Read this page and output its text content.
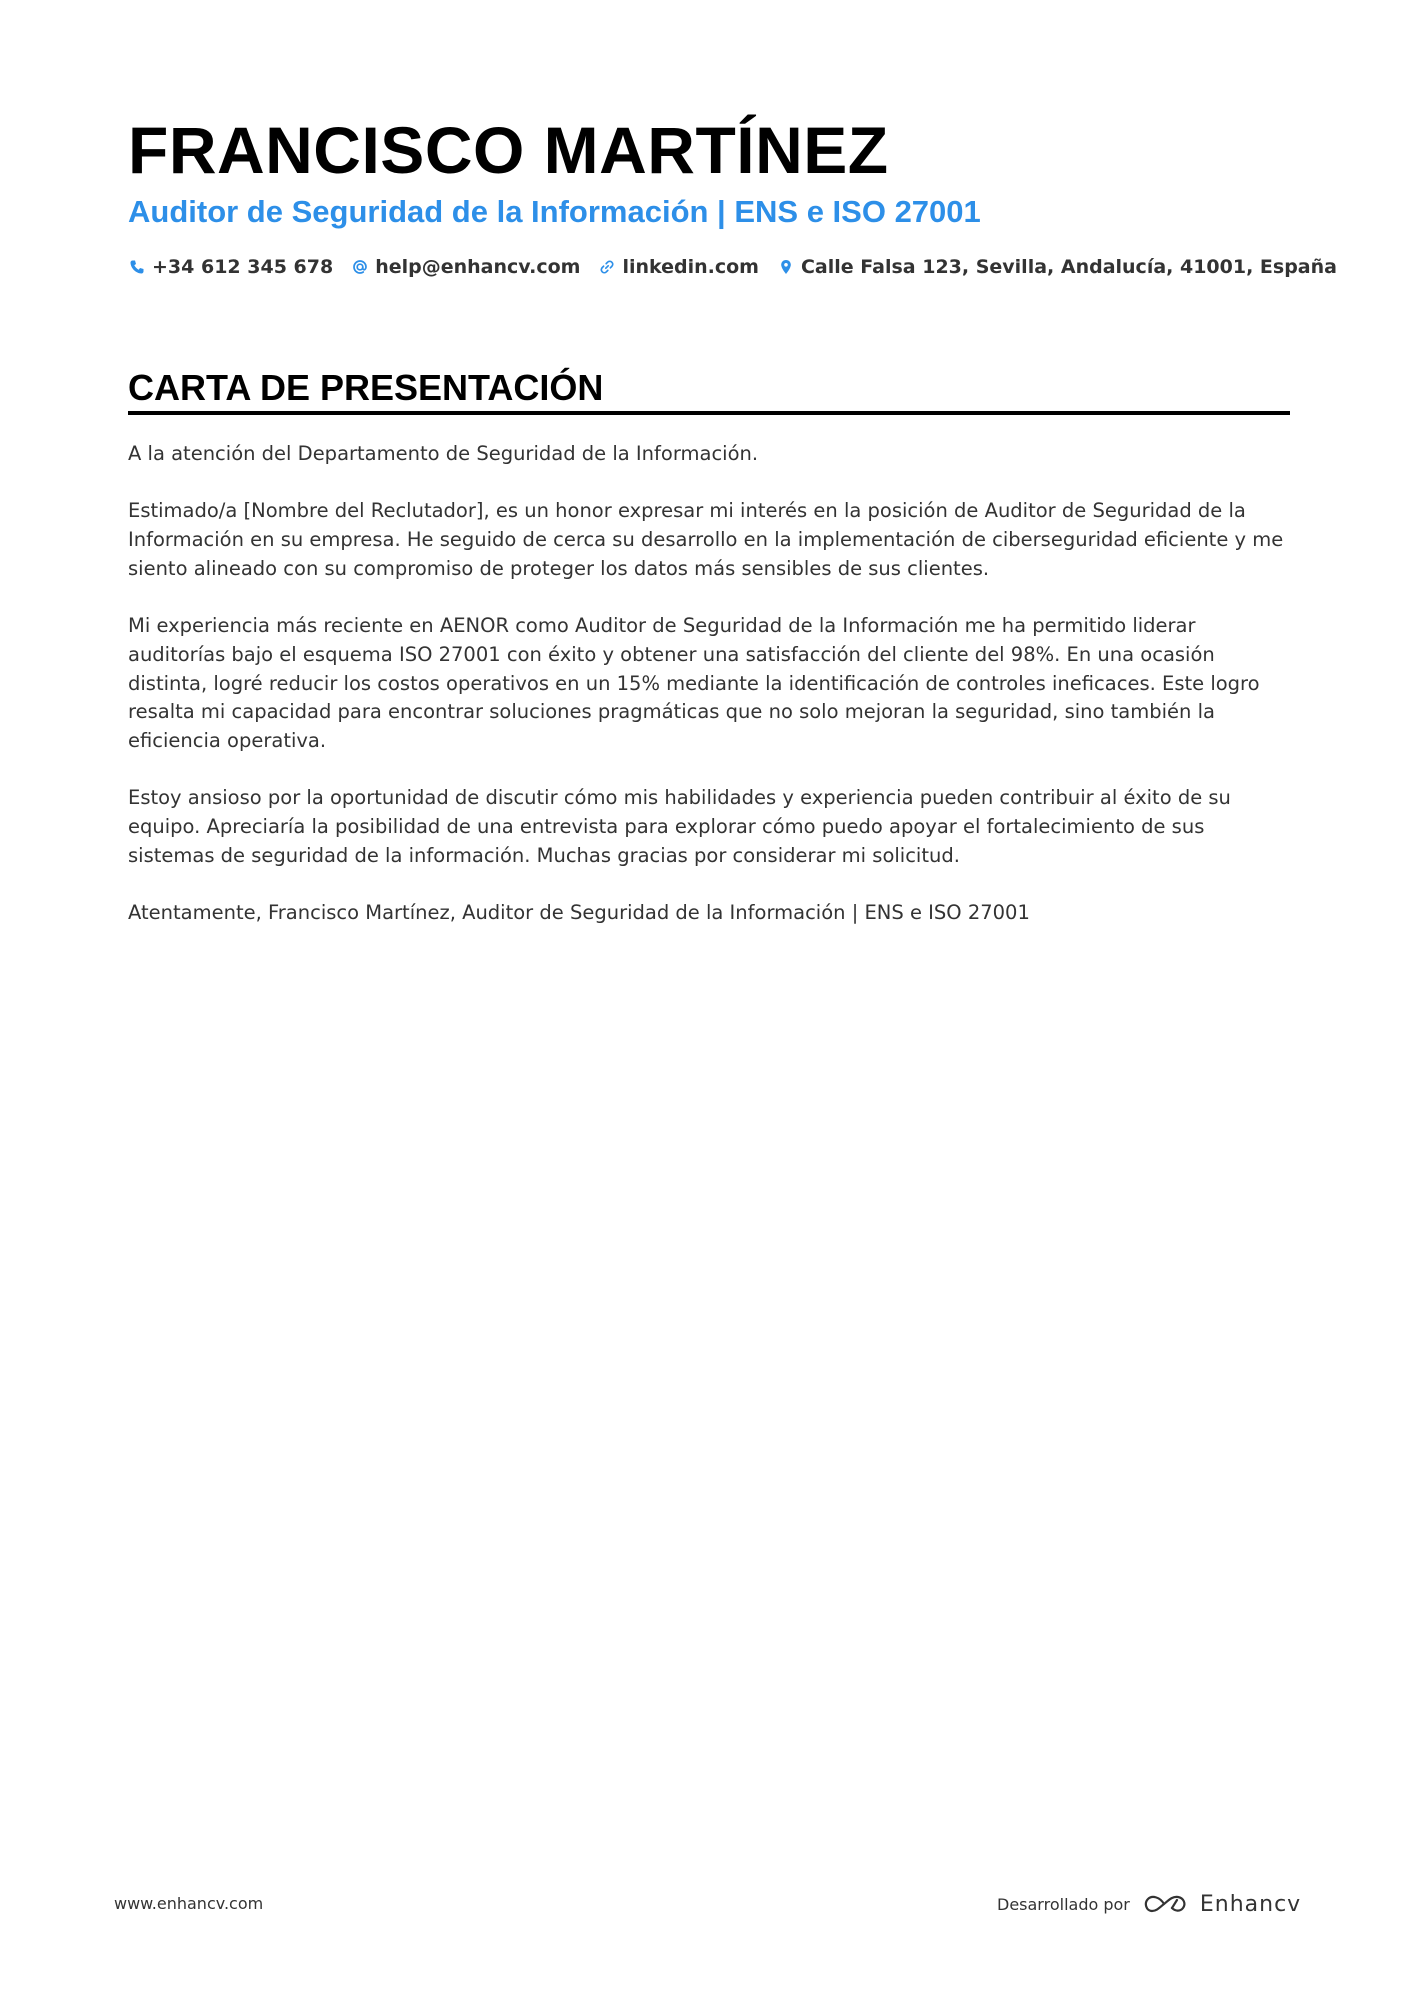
FRANCISCO MARTÍNEZ
Auditor de Seguridad de la Información | ENS e ISO 27001
+34 612 345 678 help@enhancv.com linkedin.com Calle Falsa 123, Sevilla, Andalucía, 41001, España
CARTA DE PRESENTACIÓN

A la atención del Departamento de Seguridad de la Información.

Estimado/a [Nombre del Reclutador], es un honor expresar mi interés en la posición de Auditor de Seguridad de la Información en su empresa. He seguido de cerca su desarrollo en la implementación de ciberseguridad eficiente y me siento alineado con su compromiso de proteger los datos más sensibles de sus clientes.

Mi experiencia más reciente en AENOR como Auditor de Seguridad de la Información me ha permitido liderar auditorías bajo el esquema ISO 27001 con éxito y obtener una satisfacción del cliente del 98%. En una ocasión distinta, logré reducir los costos operativos en un 15% mediante la identificación de controles ineficaces. Este logro resalta mi capacidad para encontrar soluciones pragmáticas que no solo mejoran la seguridad, sino también la eficiencia operativa.

Estoy ansioso por la oportunidad de discutir cómo mis habilidades y experiencia pueden contribuir al éxito de su equipo. Apreciaría la posibilidad de una entrevista para explorar cómo puedo apoyar el fortalecimiento de sus sistemas de seguridad de la información. Muchas gracias por considerar mi solicitud.

Atentamente, Francisco Martínez, Auditor de Seguridad de la Información | ENS e ISO 27001

www.enhancv.com	Desarrollado por	Enhancv
